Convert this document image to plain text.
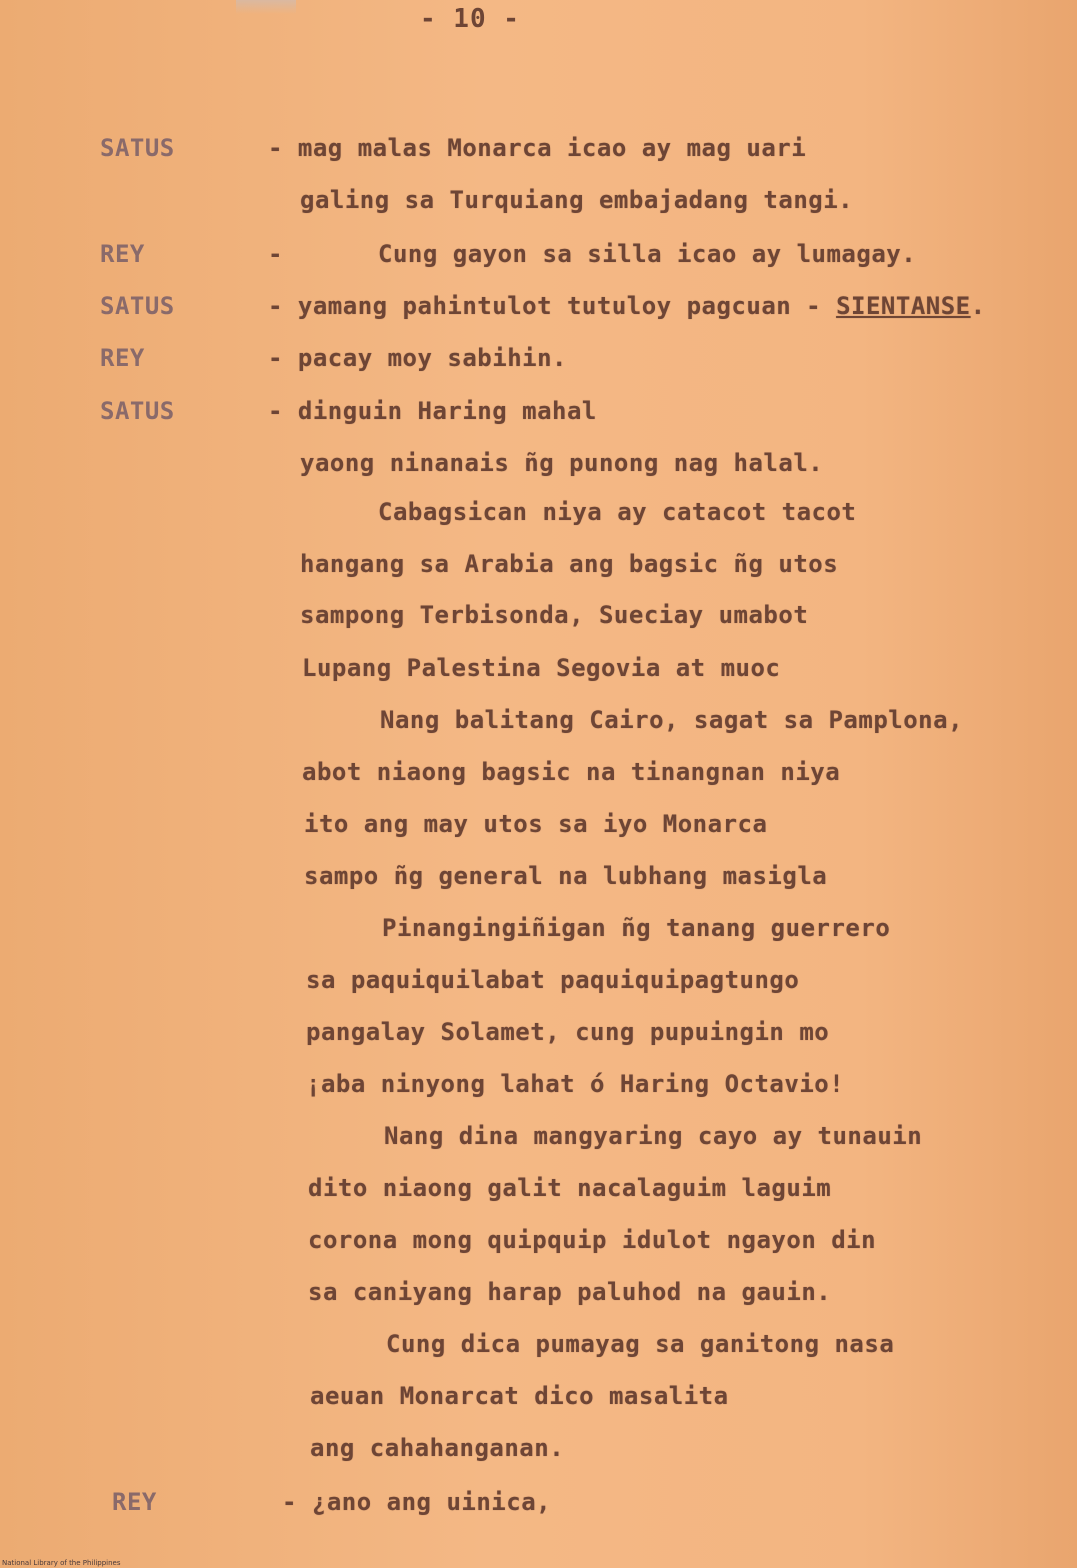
- 10 -
SATUS
REY
SATUS
REY
SATUS
REY
- mag malas Monarca icao ay mag uari
galing sa Turquiang embajadang tangi.
-	Cung gayon sa silla icao ay lumagay.
- yamang pahintulot tutuloy pagcuan - SIENTANSE.
- pacay moy sabihin.
- dinguin Haring mahal
yaong ninanais ñg punong nag halal.
Cabagsican niya ay catacot tacot
hangang sa Arabia ang bagsic ñg utos
sampong Terbisonda, Sueciay umabot
Lupang Palestina Segovia at muoc
Nang balitang Cairo, sagat sa Pamplona,
abot niaong bagsic na tinangnan niya
ito ang may utos sa iyo Monarca
sampo ñg general na lubhang masigla
Pinangingiñigan ñg tanang guerrero
sa paquiquilabat paquiquipagtungo
pangalay Solamet, cung pupuingin mo
¡aba ninyong lahat ó Haring Octavio!
Nang dina mangyaring cayo ay tunauin
dito niaong galit nacalaguim laguim
corona mong quipquip idulot ngayon din
sa caniyang harap paluhod na gauin.
Cung dica pumayag sa ganitong nasa
aeuan Monarcat dico masalita
ang cahahanganan.
- ¿ano ang uinica,
National Library of the Philippines
